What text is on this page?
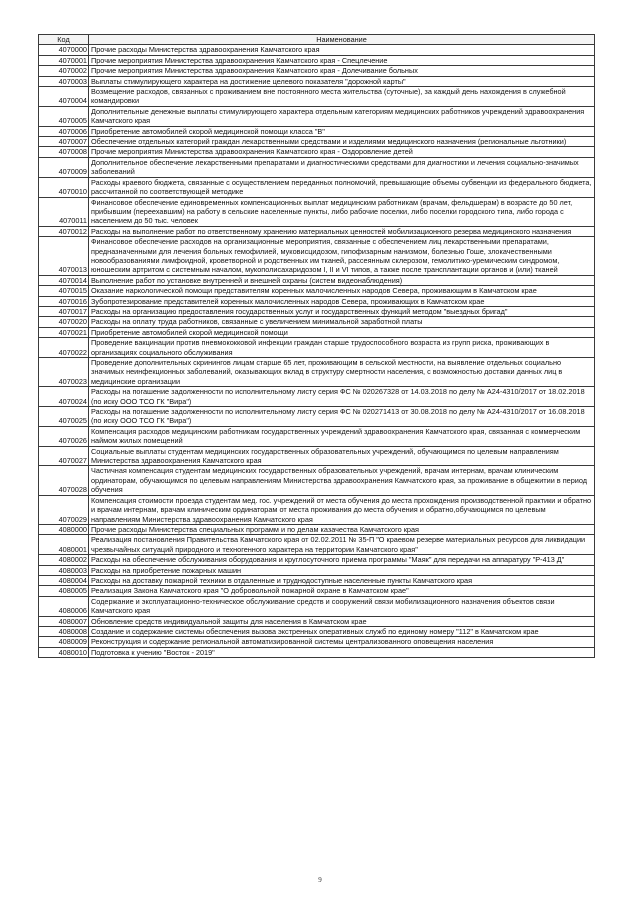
Код	Наименование
4070000	Прочие расходы Министерства здравоохранения Камчатского края
4070001	Прочие мероприятия Министерства здравоохранения Камчатского края - Спецлечение
4070002	Прочие мероприятия Министерства здравоохранения Камчатского края - Долечивание больных
4070003	Выплаты стимулирующего характера на достижение целевого показателя "дорожной карты"
4070004	Возмещение расходов, связанных с проживанием вне постоянного места жительства (суточные), за каждый день нахождения в служебной командировки
4070005	Дополнительные денежные выплаты стимулирующего характера отдельным категориям медицинских работников учреждений здравоохранения Камчатского края
4070006	Приобретение автомобилей скорой медицинской помощи класса "В"
4070007	Обеспечение отдельных категорий граждан лекарственными средствами и изделиями медицинского назначения (региональные льготники)
4070008	Прочие мероприятия Министерства здравоохранения Камчатского края - Оздоровление детей
4070009	Дополнительное обеспечение лекарственными препаратами и диагностическими средствами для диагностики и лечения социально-значимых заболеваний
4070010	Расходы краевого бюджета, связанные с осуществлением переданных полномочий, превышающие объемы субвенции из федерального бюджета, рассчитанной по соответствующей методике
4070011	Финансовое обеспечение единовременных компенсационных выплат медицинским работникам (врачам, фельдшерам) в возрасте до 50 лет, прибывшим (переехавшим) на работу в сельские населенные пункты, либо рабочие поселки, либо поселки городского типа, либо города с населением до 50 тыс. человек
4070012	Расходы на выполнение работ по ответственному хранению материальных ценностей мобилизационного резерва медицинского назначения
4070013	Финансовое обеспечение расходов на организационные мероприятия, связанные с обеспечением лиц лекарственными препаратами, предназначенными для лечения больных гемофилией, муковисцидозом, гипофизарным нанизмом, болезнью Гоше, злокачественными новообразованиями лимфоидной, кроветворной и родственных им тканей, рассеянным склерозом, гемолитико-уремическим синдромом, юношеским артритом с системным началом, мукополисахаридозом I, II и VI типов, а также после трансплантации органов и (или) тканей
4070014	Выполнение работ по установке внутренней и внешней охраны (систем видеонаблюдения)
4070015	Оказание наркологической помощи представителям коренных малочисленных народов Севера, проживающим в Камчатском крае
4070016	Зубопротезирование представителей коренных малочисленных народов Севера, проживающих в Камчатском крае
4070017	Расходы на организацию предоставления государственных услуг и государственных функций методом "выездных бригад"
4070020	Расходы на оплату труда работников, связанные с увеличением минимальной заработной платы
4070021	Приобретение автомобилей скорой медицинской помощи
4070022	Проведение вакцинации против пневмококковой инфекции граждан старше трудоспособного возраста из групп риска, проживающих в организациях социального обслуживания
4070023	Проведение дополнительных скринингов лицам старше 65 лет, проживающим в сельской местности, на выявление отдельных социально значимых неинфекционных заболеваний, оказывающих вклад в структуру смертности населения, с возможностью доставки данных лиц в медицинские организации
4070024	Расходы на погашение задолженности по исполнительному листу серия ФС № 020267328 от 14.03.2018 по делу № А24-4310/2017 от 18.02.2018 (по иску ООО ТСО ГК "Вира")
4070025	Расходы на погашение задолженности по исполнительному листу серия ФС № 020271413 от 30.08.2018 по делу № А24-4310/2017 от 16.08.2018 (по иску ООО ТСО ГК "Вира")
4070026	Компенсация расходов медицинским работникам государственных учреждений здравоохранения Камчатского края, связанная с коммерческим наймом жилых помещений
4070027	Социальные выплаты студентам медицинских государственных образовательных учреждений, обучающимся по целевым направлениям Министерства здравоохранения Камчатского края
4070028	Частичная компенсация студентам медицинских государственных образовательных учреждений, врачам интернам, врачам клиническим ординаторам, обучающимся по целевым направлениям Министерства здравоохранения Камчатского края, за проживание в общежитии в период обучения
4070029	Компенсация стоимости проезда студентам мед. гос. учреждений от места обучения до места прохождения производственной практики и обратно и врачам интернам, врачам клиническим ординаторам от места проживания до места обучения и обратно,обучающимся по целевым направлениям Министерства здравоохранения Камчатского края
4080000	Прочие расходы Министерства специальных программ и по делам казачества Камчатского края
4080001	Реализация постановления Правительства Камчатского края от 02.02.2011 № 35-П "О краевом резерве материальных ресурсов для ликвидации чрезвычайных ситуаций природного и техногенного характера на территории Камчатского края"
4080002	Расходы на обеспечение обслуживания оборудования и круглосуточного приема программы "Маяк" для передачи на аппаратуру "Р-413 Д"
4080003	Расходы на приобретение пожарных машин
4080004	Расходы на доставку пожарной техники в отдаленные и труднодоступные населенные пункты Камчатского края
4080005	Реализация Закона Камчатского края "О добровольной пожарной охране в Камчатском крае"
4080006	Содержание и эксплуатационно-техническое обслуживание средств и сооружений связи мобилизационного назначения объектов связи Камчатского края
4080007	Обновление средств индивидуальной защиты для населения в Камчатском крае
4080008	Создание и содержание системы обеспечения вызова экстренных оперативных служб по единому номеру "112" в Камчатском крае
4080009	Реконструкция и содержание региональной автоматизированной системы централизованного оповещения населения
4080010	Подготовка к учению "Восток - 2019"
9
